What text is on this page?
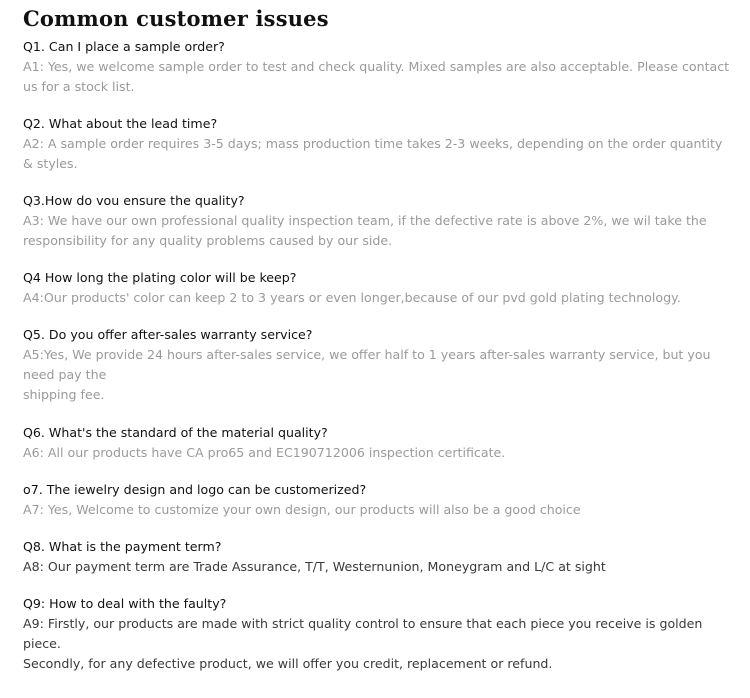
Common customer issues

Q1. Can I place a sample order?

A1: Yes, we welcome sample order to test and check quality. Mixed samples are also acceptable. Please contact
us for a stock list.

Q2. What about the lead time?

A2: A sample order requires 3-5 days; mass production time takes 2-3 weeks, depending on the order quantity
& styles.

Q3.How do vou ensure the quality?

A3: We have our own professional quality inspection team, if the defective rate is above 2%, we wil take the
responsibility for any quality problems caused by our side.

Q4 How long the plating color will be keep?

A4:Our products' color can keep 2 to 3 years or even longer,because of our pvd gold plating technology.

Q5. Do you offer after-sales warranty service?

A5:Yes, We provide 24 hours after-sales service, we offer half to 1 years after-sales warranty service, but you
need pay the
shipping fee.

Q6. What's the standard of the material quality?

A6: All our products have CA pro65 and EC190712006 inspection certificate.

o7. The iewelry design and logo can be customerized?

A7: Yes, Welcome to customize your own design, our products will also be a good choice

Q8. What is the payment term?

A8: Our payment term are Trade Assurance, T/T, Westernunion, Moneygram and L/C at sight

Q9: How to deal with the faulty?

A9: Firstly, our products are made with strict quality control to ensure that each piece you receive is golden
piece.
Secondly, for any defective product, we will offer you credit, replacement or refund.
